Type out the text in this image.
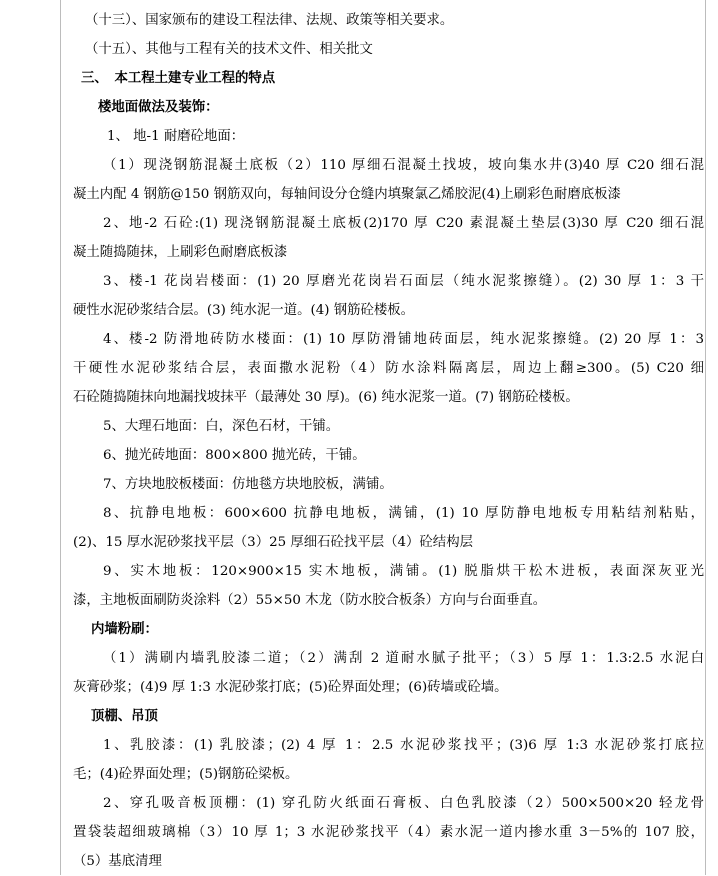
（十三）、国家颁布的建设工程法律、法规、政策等相关要求。

（十五）、其他与工程有关的技术文件、相关批文

三、　本工程土建专业工程的特点

楼地面做法及装饰：

1、 地-1 耐磨砼地面：

（1）现浇钢筋混凝土底板（2）110 厚细石混凝土找坡，坡向集水井(3)40 厚 C20 细石混
凝土内配 4 钢筋@150 钢筋双向，每轴间设分仓缝内填聚氯乙烯胶泥(4)上刷彩色耐磨底板漆

2、地-2 石砼:(1) 现浇钢筋混凝土底板(2)170 厚 C20 素混凝土垫层(3)30 厚 C20 细石混
凝土随捣随抹，上刷彩色耐磨底板漆

3、楼-1 花岗岩楼面：(1) 20 厚磨光花岗岩石面层（纯水泥浆擦缝）。(2) 30 厚 1：3 干
硬性水泥砂浆结合层。(3) 纯水泥一道。(4) 钢筋砼楼板。

4、楼-2 防滑地砖防水楼面：(1) 10 厚防滑铺地砖面层，纯水泥浆擦缝。(2) 20 厚 1：3
干硬性水泥砂浆结合层，表面撒水泥粉（4）防水涂料隔离层，周边上翻≥300。(5) C20 细
石砼随捣随抹向地漏找坡抹平（最薄处 30 厚)。(6) 纯水泥浆一道。(7) 钢筋砼楼板。

5、大理石地面：白，深色石材，干铺。

6、抛光砖地面：800×800 抛光砖，干铺。

7、方块地胶板楼面：仿地毯方块地胶板，满铺。

8、抗静电地板：600×600 抗静电地板，满铺，(1) 10 厚防静电地板专用粘结剂粘贴，
(2)、15 厚水泥砂浆找平层（3）25 厚细石砼找平层（4）砼结构层

9、实木地板：120×900×15 实木地板，满铺。(1) 脱脂烘干松木进板，表面深灰亚光
漆，主地板面刷防炎涂料（2）55×50 木龙（防水胶合板条）方向与台面垂直。

内墙粉刷：

（1）满刷内墙乳胶漆二道；（2）满刮 2 道耐水腻子批平；（3）5 厚 1：1.3:2.5 水泥白
灰膏砂浆；(4)9 厚 1:3 水泥砂浆打底；(5)砼界面处理；(6)砖墙或砼墙。

顶棚、吊顶

1、乳胶漆：(1) 乳胶漆；(2) 4 厚 1：2.5 水泥砂浆找平；(3)6 厚 1:3 水泥砂浆打底拉
毛；(4)砼界面处理；(5)钢筋砼梁板。

2、穿孔吸音板顶棚：(1) 穿孔防火纸面石膏板、白色乳胶漆（2）500×500×20 轻龙骨
置袋装超细玻璃棉（3）10 厚 1；3 水泥砂浆找平（4）素水泥一道内掺水重 3－5%的 107 胶，
（5）基底清理
